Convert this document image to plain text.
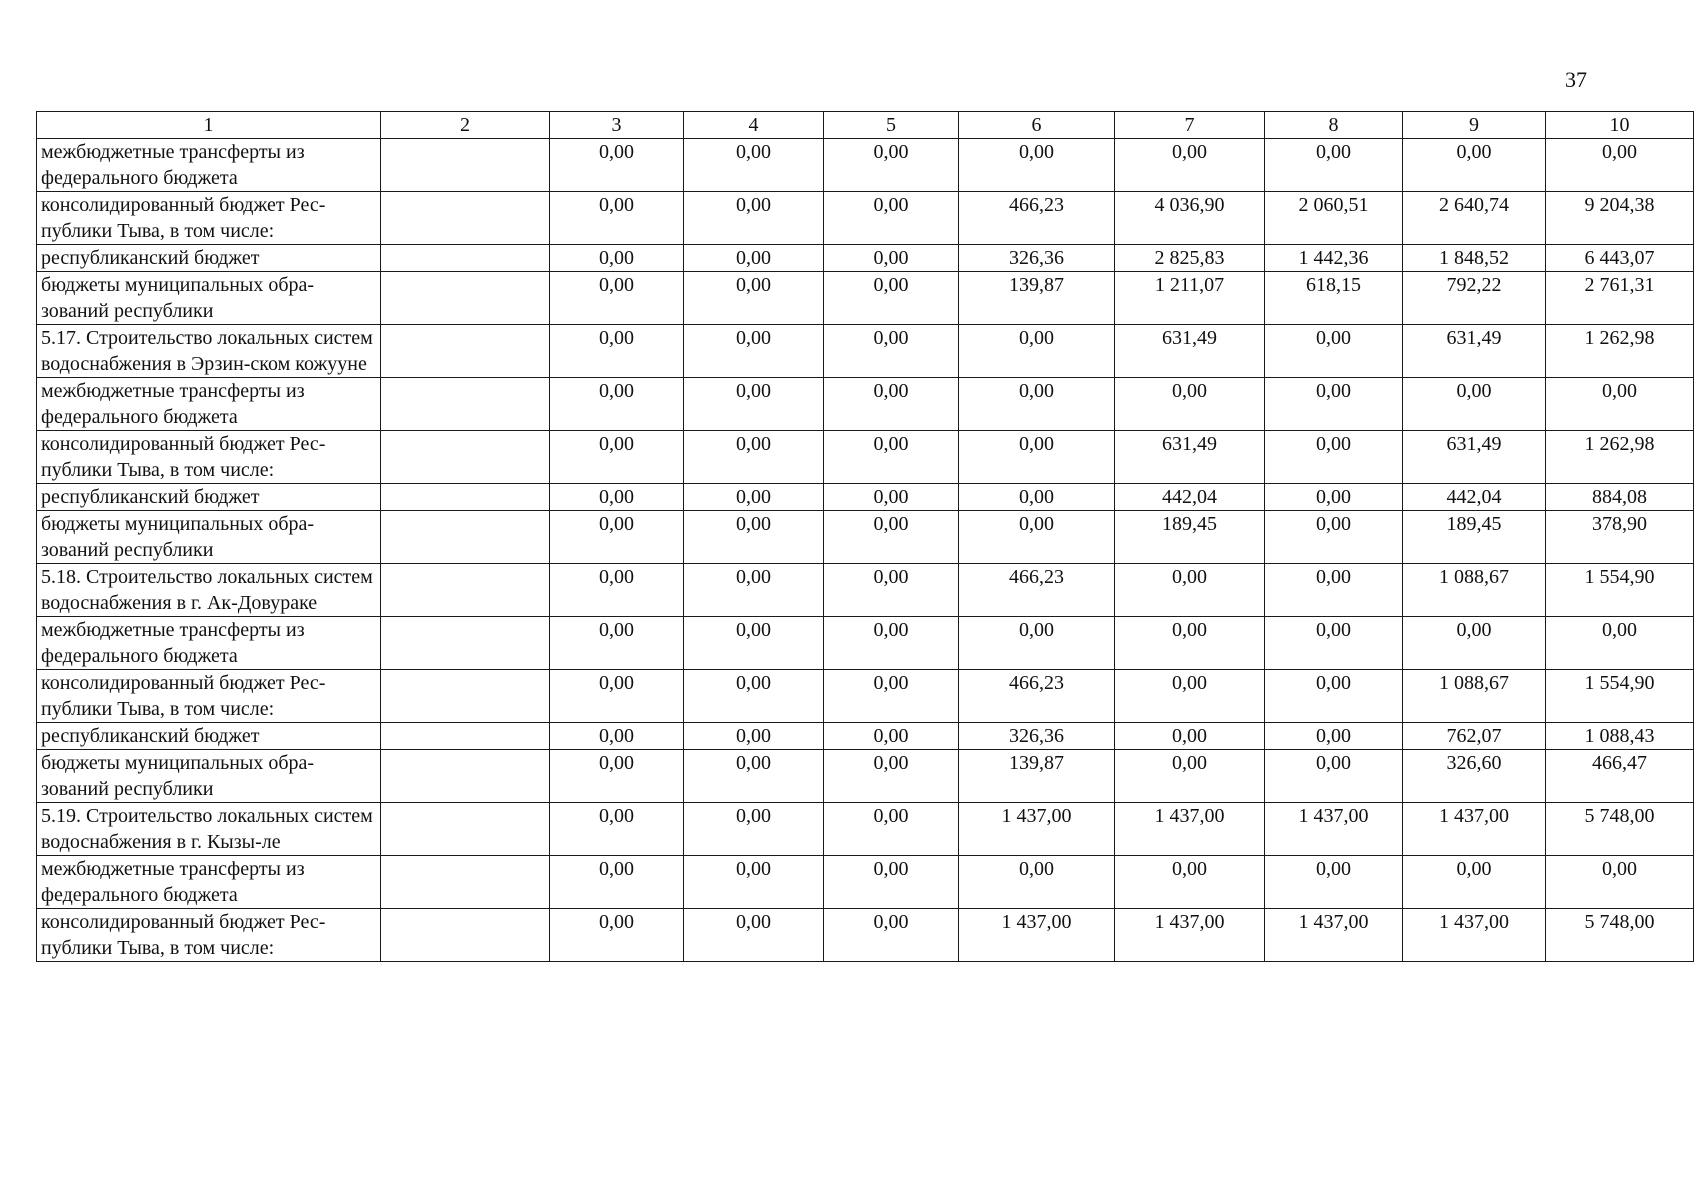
37
1	2	3	4	5	6	7	8	9	10
межбюджетные трансферты из федерального бюджета		0,00	0,00	0,00	0,00	0,00	0,00	0,00	0,00
консолидированный бюджет Рес-публики Тыва, в том числе:		0,00	0,00	0,00	466,23	4 036,90	2 060,51	2 640,74	9 204,38
республиканский бюджет		0,00	0,00	0,00	326,36	2 825,83	1 442,36	1 848,52	6 443,07
бюджеты муниципальных обра-зований республики		0,00	0,00	0,00	139,87	1 211,07	618,15	792,22	2 761,31
5.17. Строительство локальных систем водоснабжения в Эрзин-ском кожууне		0,00	0,00	0,00	0,00	631,49	0,00	631,49	1 262,98
межбюджетные трансферты из федерального бюджета		0,00	0,00	0,00	0,00	0,00	0,00	0,00	0,00
консолидированный бюджет Рес-публики Тыва, в том числе:		0,00	0,00	0,00	0,00	631,49	0,00	631,49	1 262,98
республиканский бюджет		0,00	0,00	0,00	0,00	442,04	0,00	442,04	884,08
бюджеты муниципальных обра-зований республики		0,00	0,00	0,00	0,00	189,45	0,00	189,45	378,90
5.18. Строительство локальных систем водоснабжения в г. Ак-Довураке		0,00	0,00	0,00	466,23	0,00	0,00	1 088,67	1 554,90
межбюджетные трансферты из федерального бюджета		0,00	0,00	0,00	0,00	0,00	0,00	0,00	0,00
консолидированный бюджет Рес-публики Тыва, в том числе:		0,00	0,00	0,00	466,23	0,00	0,00	1 088,67	1 554,90
республиканский бюджет		0,00	0,00	0,00	326,36	0,00	0,00	762,07	1 088,43
бюджеты муниципальных обра-зований республики		0,00	0,00	0,00	139,87	0,00	0,00	326,60	466,47
5.19. Строительство локальных систем водоснабжения в г. Кызы-ле		0,00	0,00	0,00	1 437,00	1 437,00	1 437,00	1 437,00	5 748,00
межбюджетные трансферты из федерального бюджета		0,00	0,00	0,00	0,00	0,00	0,00	0,00	0,00
консолидированный бюджет Рес-публики Тыва, в том числе:		0,00	0,00	0,00	1 437,00	1 437,00	1 437,00	1 437,00	5 748,00
